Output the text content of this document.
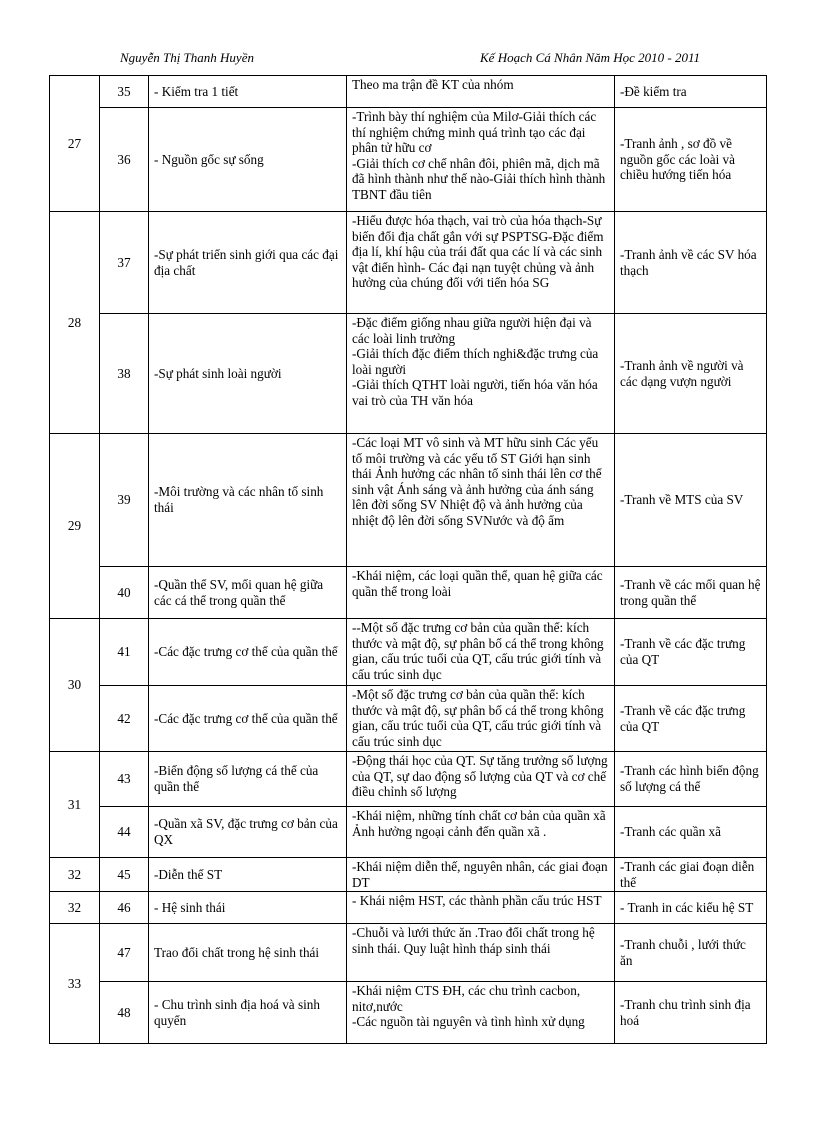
Nguyễn Thị Thanh Huyền	Kế Hoạch Cá Nhân Năm Học 2010 - 2011
27	35	- Kiểm tra 1 tiết	Theo ma trận đề KT của nhóm	-Đề kiểm tra

	36	- Nguồn gốc sự sống	-Trình bày thí nghiệm của Milơ-Giải thích các thí nghiệm chứng minh quá trình tạo các đại phân tử hữu cơ
-Giải thích cơ chế nhân đôi, phiên mã, dịch mã đã hình thành như thế nào-Giải thích hình thành TBNT đầu tiên	-Tranh ảnh , sơ đồ về nguồn gốc các loài và chiều hướng tiến hóa

28	37	-Sự phát triển sinh giới qua các đại địa chất	-Hiểu được hóa thạch, vai trò của hóa thạch-Sự biến đổi địa chất gắn với sự PSPTSG-Đặc điểm địa lí, khí hậu của trái đất qua các lí và các sinh vật điển hình- Các đại nạn tuyệt chủng và ảnh hưởng của chúng đối với tiến hóa SG	-Tranh ảnh về các SV hóa thạch

	38	-Sự phát sinh loài người	-Đặc điểm giống nhau giữa người hiện đại và các loài linh trưởng
-Giải thích đặc điểm thích nghi&đặc trưng của loài người
-Giải thích QTHT loài người, tiến hóa văn hóa vai trò của TH văn hóa	-Tranh ảnh về người và các dạng vượn người

29	39	-Môi trường và các nhân tố sinh thái	-Các loại MT vô sinh và MT hữu sinh Các yếu tố môi trường và các yếu tố ST Giới hạn sinh thái Ảnh hưởng các nhân tố sinh thái lên cơ thể sinh vật Ánh sáng và ảnh hưởng của ánh sáng lên đời sống SV Nhiệt độ và ảnh hưởng của nhiệt độ lên đời sống SVNước và độ ẩm	-Tranh về MTS của SV

	40	-Quần thể SV, mối quan hệ giữa các cá thể trong quần thể	-Khái niệm, các loại quần thể, quan hệ giữa các quần thể trong loài	-Tranh về các mối quan hệ trong quần thể

30	41	-Các đặc trưng cơ thể của quần thể	--Một số đặc trưng cơ bản của quần thể: kích thước và mật độ, sự phân bố cá thể trong không gian, cấu trúc tuổi của QT, cấu trúc giới tính và cấu trúc sinh dục	-Tranh về các đặc trưng của QT

	42	-Các đặc trưng cơ thể của quần thể	-Một số đặc trưng cơ bản của quần thể: kích thước và mật độ, sự phân bố cá thể trong không gian, cấu trúc tuổi của QT, cấu trúc giới tính và cấu trúc sinh dục	-Tranh về các đặc trưng của QT

31	43	-Biến động số lượng cá thể của quần thể	-Động thái học của QT. Sự tăng trưởng số lượng của QT, sự dao động số lượng của QT và cơ chế điều chỉnh số lượng	-Tranh các hình biến động số lượng cá thể

	44	-Quần xã SV, đặc trưng cơ bản của QX	-Khái niệm, những tính chất cơ bản của quần xã
Ảnh hưởng ngoại cảnh đến quần xã .	-Tranh các quần xã

32	45	-Diễn thế ST	-Khái niệm diễn thế, nguyên nhân, các giai đoạn DT	-Tranh các giai đoạn diễn thế

32	46	- Hệ sinh thái	- Khái niệm HST, các thành phần cấu trúc HST	- Tranh in các kiểu hệ ST

33	47	Trao đổi chất trong hệ sinh thái	-Chuỗi và lưới thức ăn .Trao đổi chất trong hệ sinh thái. Quy luật hình tháp sinh thái	-Tranh chuỗi , lưới thức ăn

	48	- Chu trình sinh địa hoá và sinh quyển	-Khái niệm CTS ĐH, các chu trình cacbon, nitơ,nước
-Các nguồn tài nguyên và tình hình xử dụng	-Tranh chu trình sinh địa hoá
